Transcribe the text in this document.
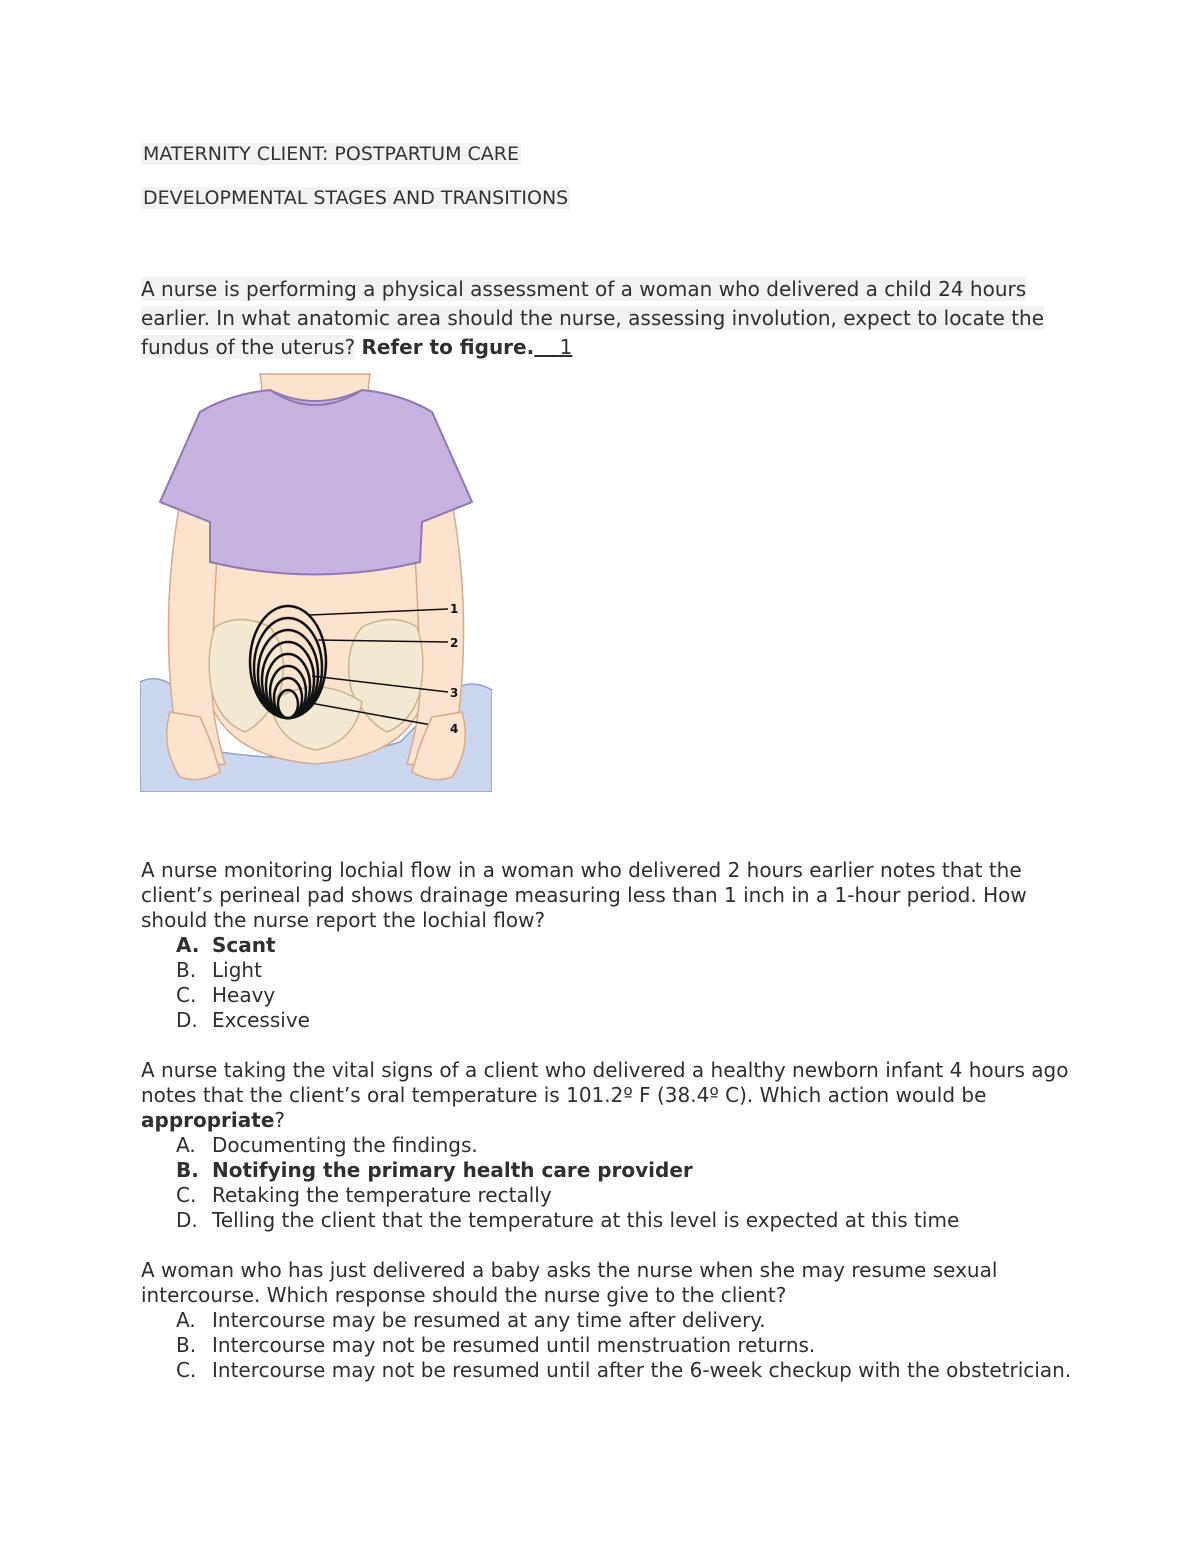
MATERNITY CLIENT: POSTPARTUM CARE
DEVELOPMENTAL STAGES AND TRANSITIONS
A nurse is performing a physical assessment of a woman who delivered a child 24 hours earlier. In what anatomic area should the nurse, assessing involution, expect to locate the fundus of the uterus? Refer to figure. 1
1
2
3
4

A nurse monitoring lochial flow in a woman who delivered 2 hours earlier notes that the client’s perineal pad shows drainage measuring less than 1 inch in a 1-hour period. How should the nurse report the lochial flow?

A. Scant
B. Light
C. Heavy
D. Excessive

A nurse taking the vital signs of a client who delivered a healthy newborn infant 4 hours ago notes that the client’s oral temperature is 101.2º F (38.4º C). Which action would be appropriate?

A. Documenting the findings.
B. Notifying the primary health care provider
C. Retaking the temperature rectally
D. Telling the client that the temperature at this level is expected at this time

A woman who has just delivered a baby asks the nurse when she may resume sexual intercourse. Which response should the nurse give to the client?

A. Intercourse may be resumed at any time after delivery.
B. Intercourse may not be resumed until menstruation returns.
C. Intercourse may not be resumed until after the 6-week checkup with the obstetrician.
